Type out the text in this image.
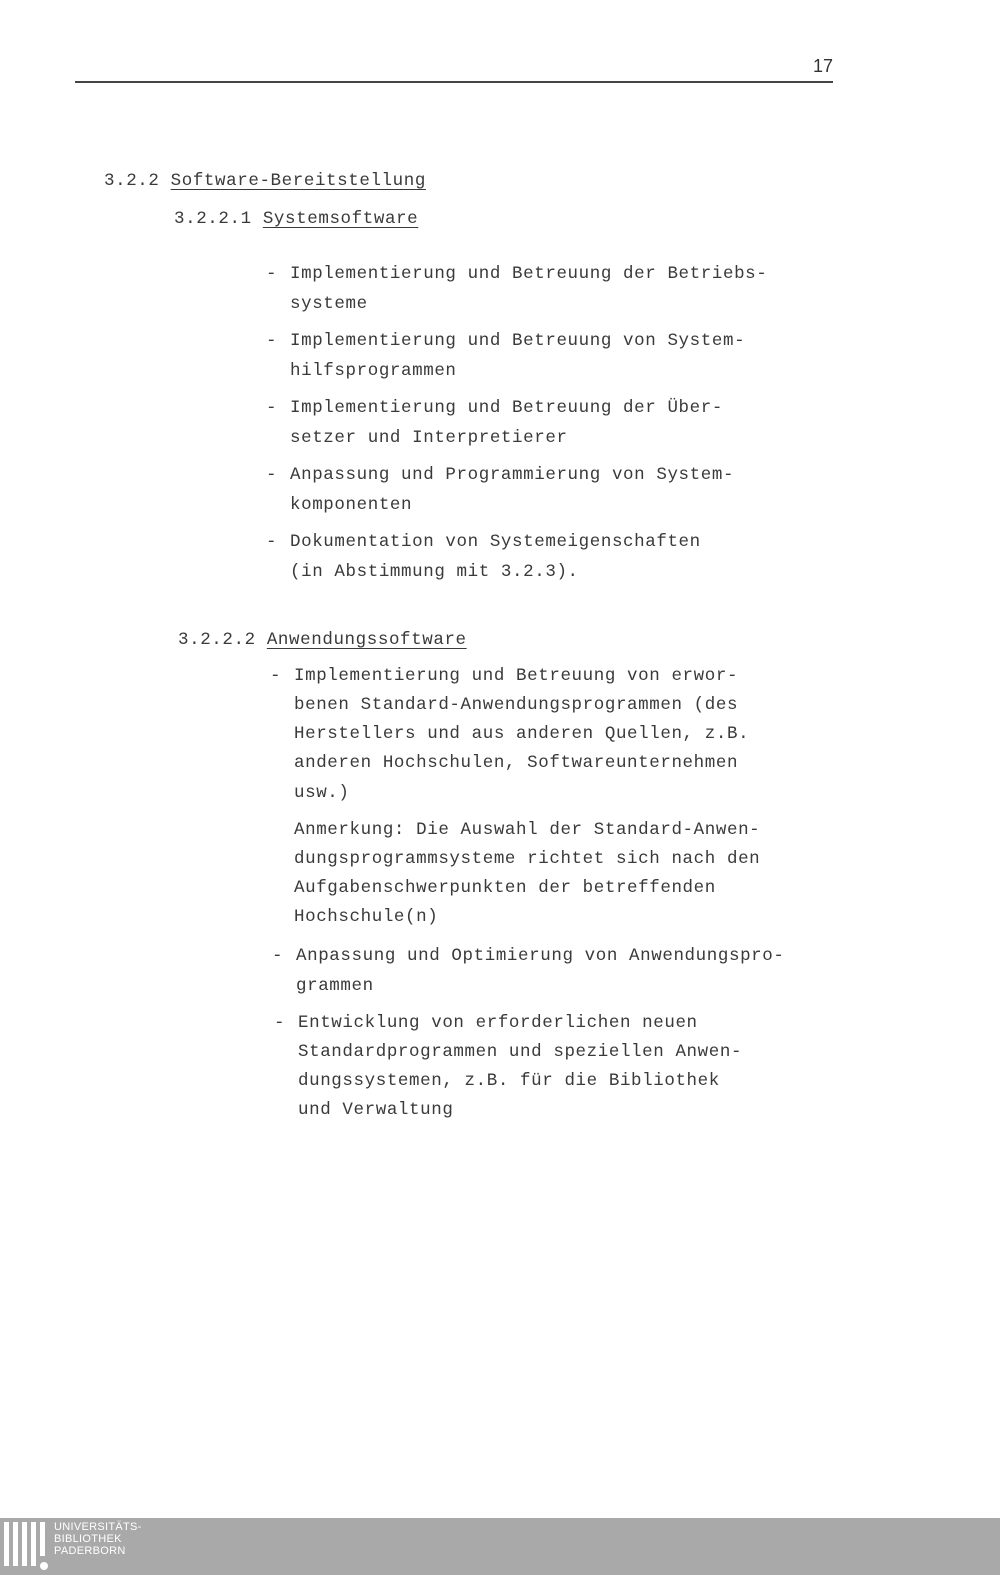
17
3.2.2 Software-Bereitstellung
3.2.2.1 Systemsoftware
- Implementierung und Betreuung der Betriebs-
systeme
- Implementierung und Betreuung von System-
hilfsprogrammen
- Implementierung und Betreuung der Über-
setzer und Interpretierer
- Anpassung und Programmierung von System-
komponenten
- Dokumentation von Systemeigenschaften
(in Abstimmung mit 3.2.3).
3.2.2.2 Anwendungssoftware
- Implementierung und Betreuung von erwor-
benen Standard-Anwendungsprogrammen (des
Herstellers und aus anderen Quellen, z.B.
anderen Hochschulen, Softwareunternehmen
usw.)
Anmerkung: Die Auswahl der Standard-Anwen-
dungsprogrammsysteme richtet sich nach den
Aufgabenschwerpunkten der betreffenden
Hochschule(n)
- Anpassung und Optimierung von Anwendungspro-
grammen
- Entwicklung von erforderlichen neuen
Standardprogrammen und speziellen Anwen-
dungssystemen, z.B. für die Bibliothek
und Verwaltung
UNIVERSITÄTS-
BIBLIOTHEK
PADERBORN
